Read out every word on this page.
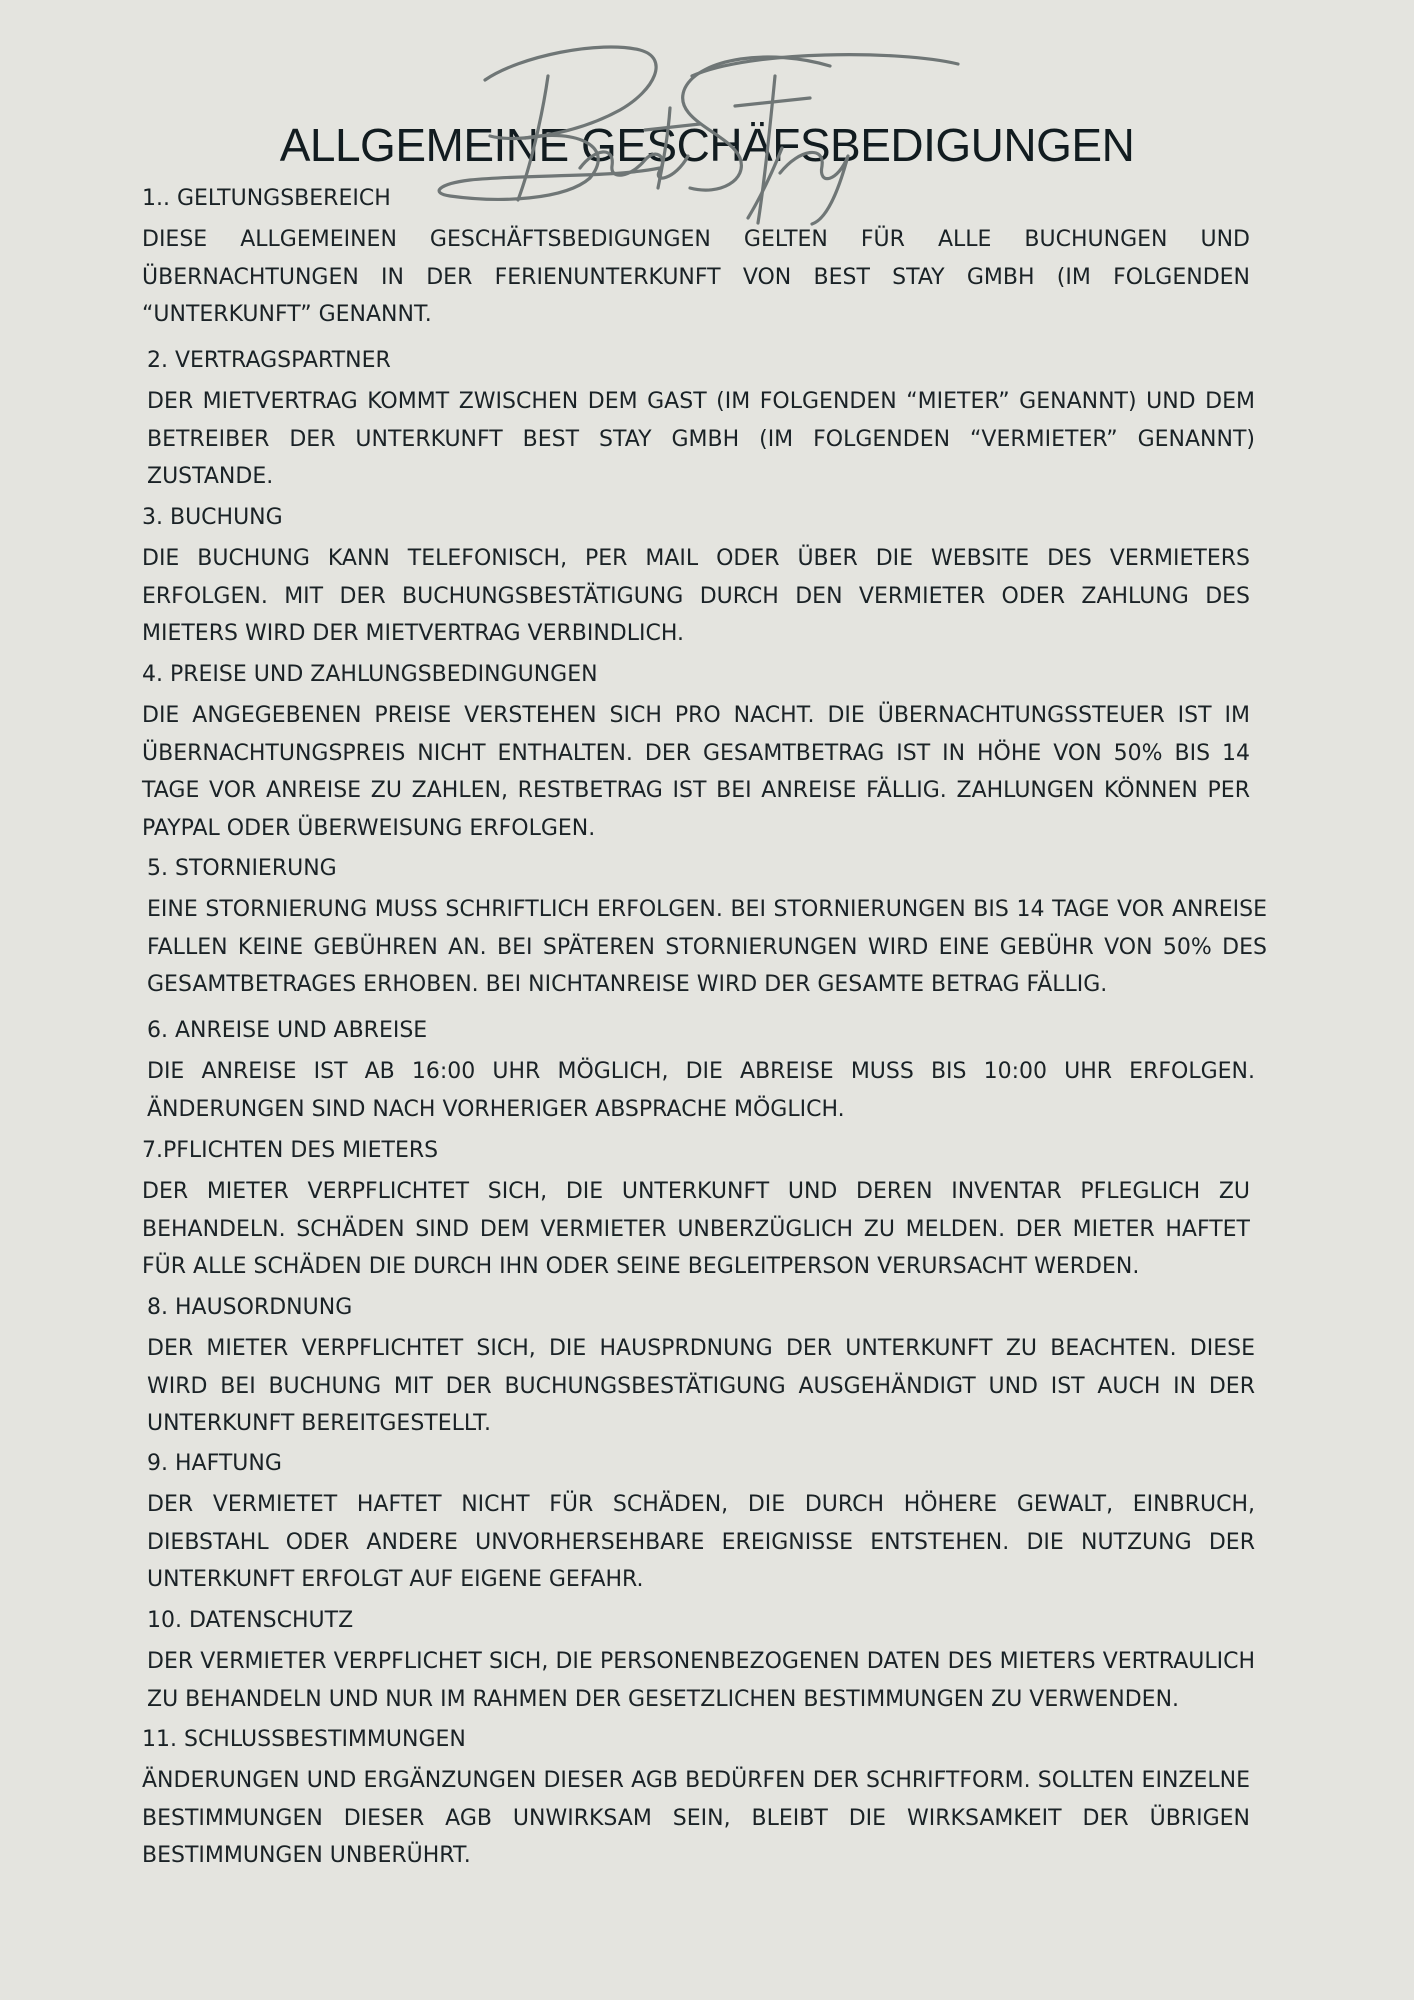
ALLGEMEINE GESCHÄFSBEDIGUNGEN
1.. GELTUNGSBEREICH
DIESE ALLGEMEINEN GESCHÄFTSBEDIGUNGEN GELTEN FÜR ALLE BUCHUNGEN UND ÜBERNACHTUNGEN IN DER FERIENUNTERKUNFT VON BEST STAY GMBH (IM FOLGENDEN “UNTERKUNFT” GENANNT.
2. VERTRAGSPARTNER
DER MIETVERTRAG KOMMT ZWISCHEN DEM GAST (IM FOLGENDEN “MIETER” GENANNT) UND DEM BETREIBER DER UNTERKUNFT BEST STAY GMBH (IM FOLGENDEN “VERMIETER” GENANNT) ZUSTANDE.
3. BUCHUNG
DIE BUCHUNG KANN TELEFONISCH, PER MAIL ODER ÜBER DIE WEBSITE DES VERMIETERS ERFOLGEN. MIT DER BUCHUNGSBESTÄTIGUNG DURCH DEN VERMIETER ODER ZAHLUNG DES MIETERS WIRD DER MIETVERTRAG VERBINDLICH.
4. PREISE UND ZAHLUNGSBEDINGUNGEN
DIE ANGEGEBENEN PREISE VERSTEHEN SICH PRO NACHT. DIE ÜBERNACHTUNGSSTEUER IST IM ÜBERNACHTUNGSPREIS NICHT ENTHALTEN. DER GESAMTBETRAG IST IN HÖHE VON 50% BIS 14 TAGE VOR ANREISE ZU ZAHLEN, RESTBETRAG IST BEI ANREISE FÄLLIG. ZAHLUNGEN KÖNNEN PER PAYPAL ODER ÜBERWEISUNG ERFOLGEN.
5. STORNIERUNG
EINE STORNIERUNG MUSS SCHRIFTLICH ERFOLGEN. BEI STORNIERUNGEN BIS 14 TAGE VOR ANREISE FALLEN KEINE GEBÜHREN AN. BEI SPÄTEREN STORNIERUNGEN WIRD EINE GEBÜHR VON 50% DES GESAMTBETRAGES ERHOBEN. BEI NICHTANREISE WIRD DER GESAMTE BETRAG FÄLLIG.
6. ANREISE UND ABREISE
DIE ANREISE IST AB 16:00 UHR MÖGLICH, DIE ABREISE MUSS BIS 10:00 UHR ERFOLGEN. ÄNDERUNGEN SIND NACH VORHERIGER ABSPRACHE MÖGLICH.
7.PFLICHTEN DES MIETERS
DER MIETER VERPFLICHTET SICH, DIE UNTERKUNFT UND DEREN INVENTAR PFLEGLICH ZU BEHANDELN. SCHÄDEN SIND DEM VERMIETER UNBERZÜGLICH ZU MELDEN. DER MIETER HAFTET FÜR ALLE SCHÄDEN DIE DURCH IHN ODER SEINE BEGLEITPERSON VERURSACHT WERDEN.
8. HAUSORDNUNG
DER MIETER VERPFLICHTET SICH, DIE HAUSPRDNUNG DER UNTERKUNFT ZU BEACHTEN. DIESE WIRD BEI BUCHUNG MIT DER BUCHUNGSBESTÄTIGUNG AUSGEHÄNDIGT UND IST AUCH IN DER UNTERKUNFT BEREITGESTELLT.
9. HAFTUNG
DER VERMIETET HAFTET NICHT FÜR SCHÄDEN, DIE DURCH HÖHERE GEWALT, EINBRUCH, DIEBSTAHL ODER ANDERE UNVORHERSEHBARE EREIGNISSE ENTSTEHEN. DIE NUTZUNG DER UNTERKUNFT ERFOLGT AUF EIGENE GEFAHR.
10. DATENSCHUTZ
DER VERMIETER VERPFLICHET SICH, DIE PERSONENBEZOGENEN DATEN DES MIETERS VERTRAULICH ZU BEHANDELN UND NUR IM RAHMEN DER GESETZLICHEN BESTIMMUNGEN ZU VERWENDEN.
11. SCHLUSSBESTIMMUNGEN
ÄNDERUNGEN UND ERGÄNZUNGEN DIESER AGB BEDÜRFEN DER SCHRIFTFORM. SOLLTEN EINZELNE BESTIMMUNGEN DIESER AGB UNWIRKSAM SEIN, BLEIBT DIE WIRKSAMKEIT DER ÜBRIGEN BESTIMMUNGEN UNBERÜHRT.
